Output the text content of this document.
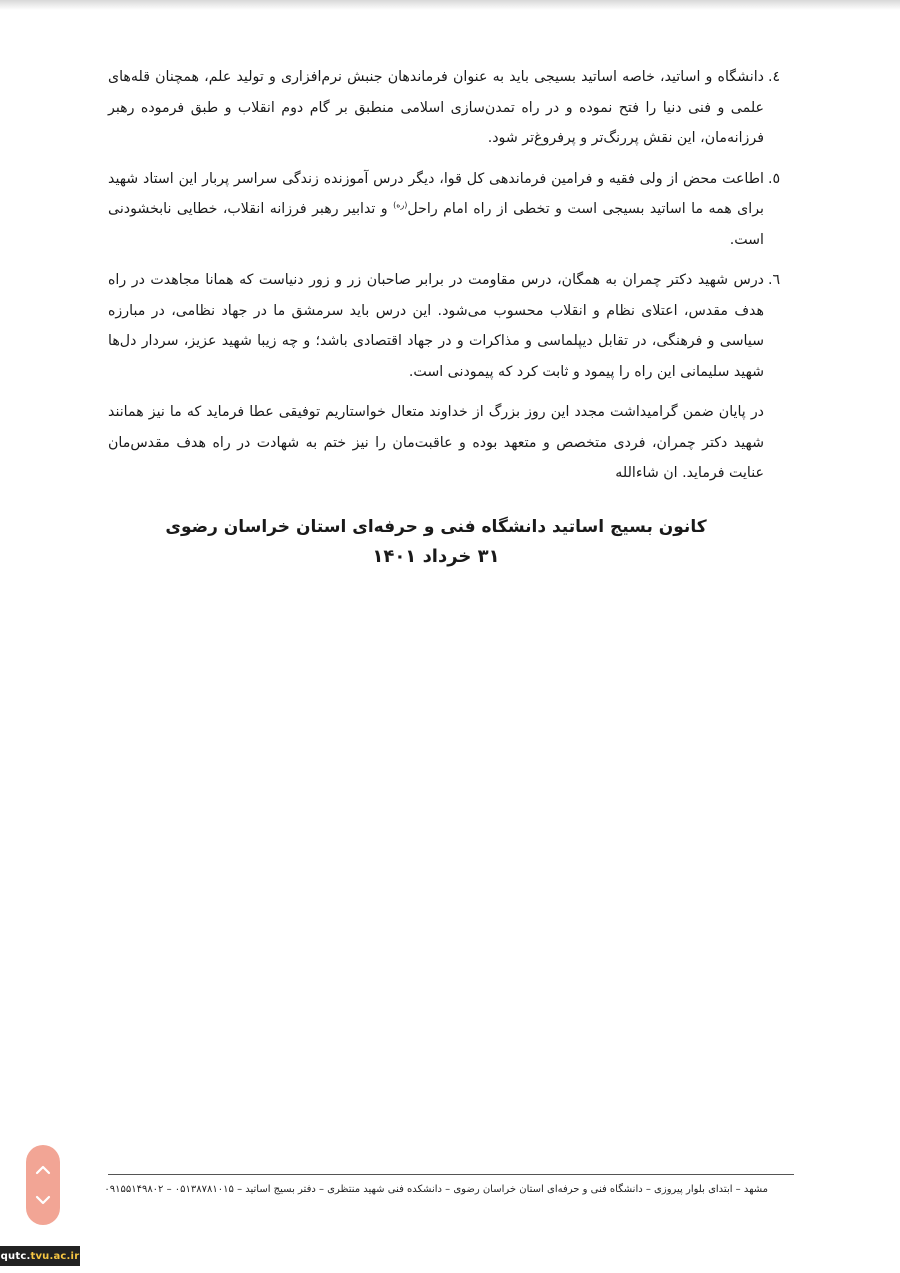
٤.

دانشگاه و اساتید، خاصه اساتید بسیجی باید به عنوان فرماندهان جنبش نرم‌افزاری و تولید علم، همچنان قله‌های علمی و فنی دنیا را فتح نموده و در راه تمدن‌سازی اسلامی منطبق بر گام دوم انقلاب و طبق فرموده رهبر فرزانه‌مان، این نقش پررنگ‌تر و پرفروغ‌تر شود.

٥.

اطاعت محض از ولی فقیه و فرامین فرماندهی کل قوا، دیگر درس آموزنده زندگی سراسر پربار این استاد شهید برای همه ما اساتید بسیجی است و تخطی از راه امام راحل$^{(ره)}$ و تدابیر رهبر فرزانه انقلاب، خطایی نابخشودنی است.

٦.

درس شهید دکتر چمران به همگان، درس مقاومت در برابر صاحبان زر و زور دنیاست که همانا مجاهدت در راه هدف مقدس، اعتلای نظام و انقلاب محسوب می‌شود. این درس باید سرمشق ما در جهاد نظامی، در مبارزه سیاسی و فرهنگی، در تقابل دیپلماسی و مذاکرات و در جهاد اقتصادی باشد؛ و چه زیبا شهید عزیز، سردار دل‌ها شهید سلیمانی این راه را پیمود و ثابت کرد که پیمودنی است.

در پایان ضمن گرامیداشت مجدد این روز بزرگ از خداوند متعال خواستاریم توفیقی عطا فرماید که ما نیز همانند شهید دکتر چمران، فردی متخصص و متعهد بوده و عاقبت‌مان را نیز ختم به شهادت در راه هدف مقدس‌مان عنایت فرماید. ان شاءالله

کانون بسیج اساتید دانشگاه فنی و حرفه‌ای استان خراسان رضوی
۳۱ خرداد ۱۴۰۱
مشهد – ابتدای بلوار پیروزی – دانشگاه فنی و حرفه‌ای استان خراسان رضوی – دانشکده فنی شهید منتظری – دفتر بسیج اساتید – ۰۵۱۳۸۷۸۱۰۱۵ – ۰۹۱۵۵۱۴۹۸۰۲
qutc. tvu.ac.ir
